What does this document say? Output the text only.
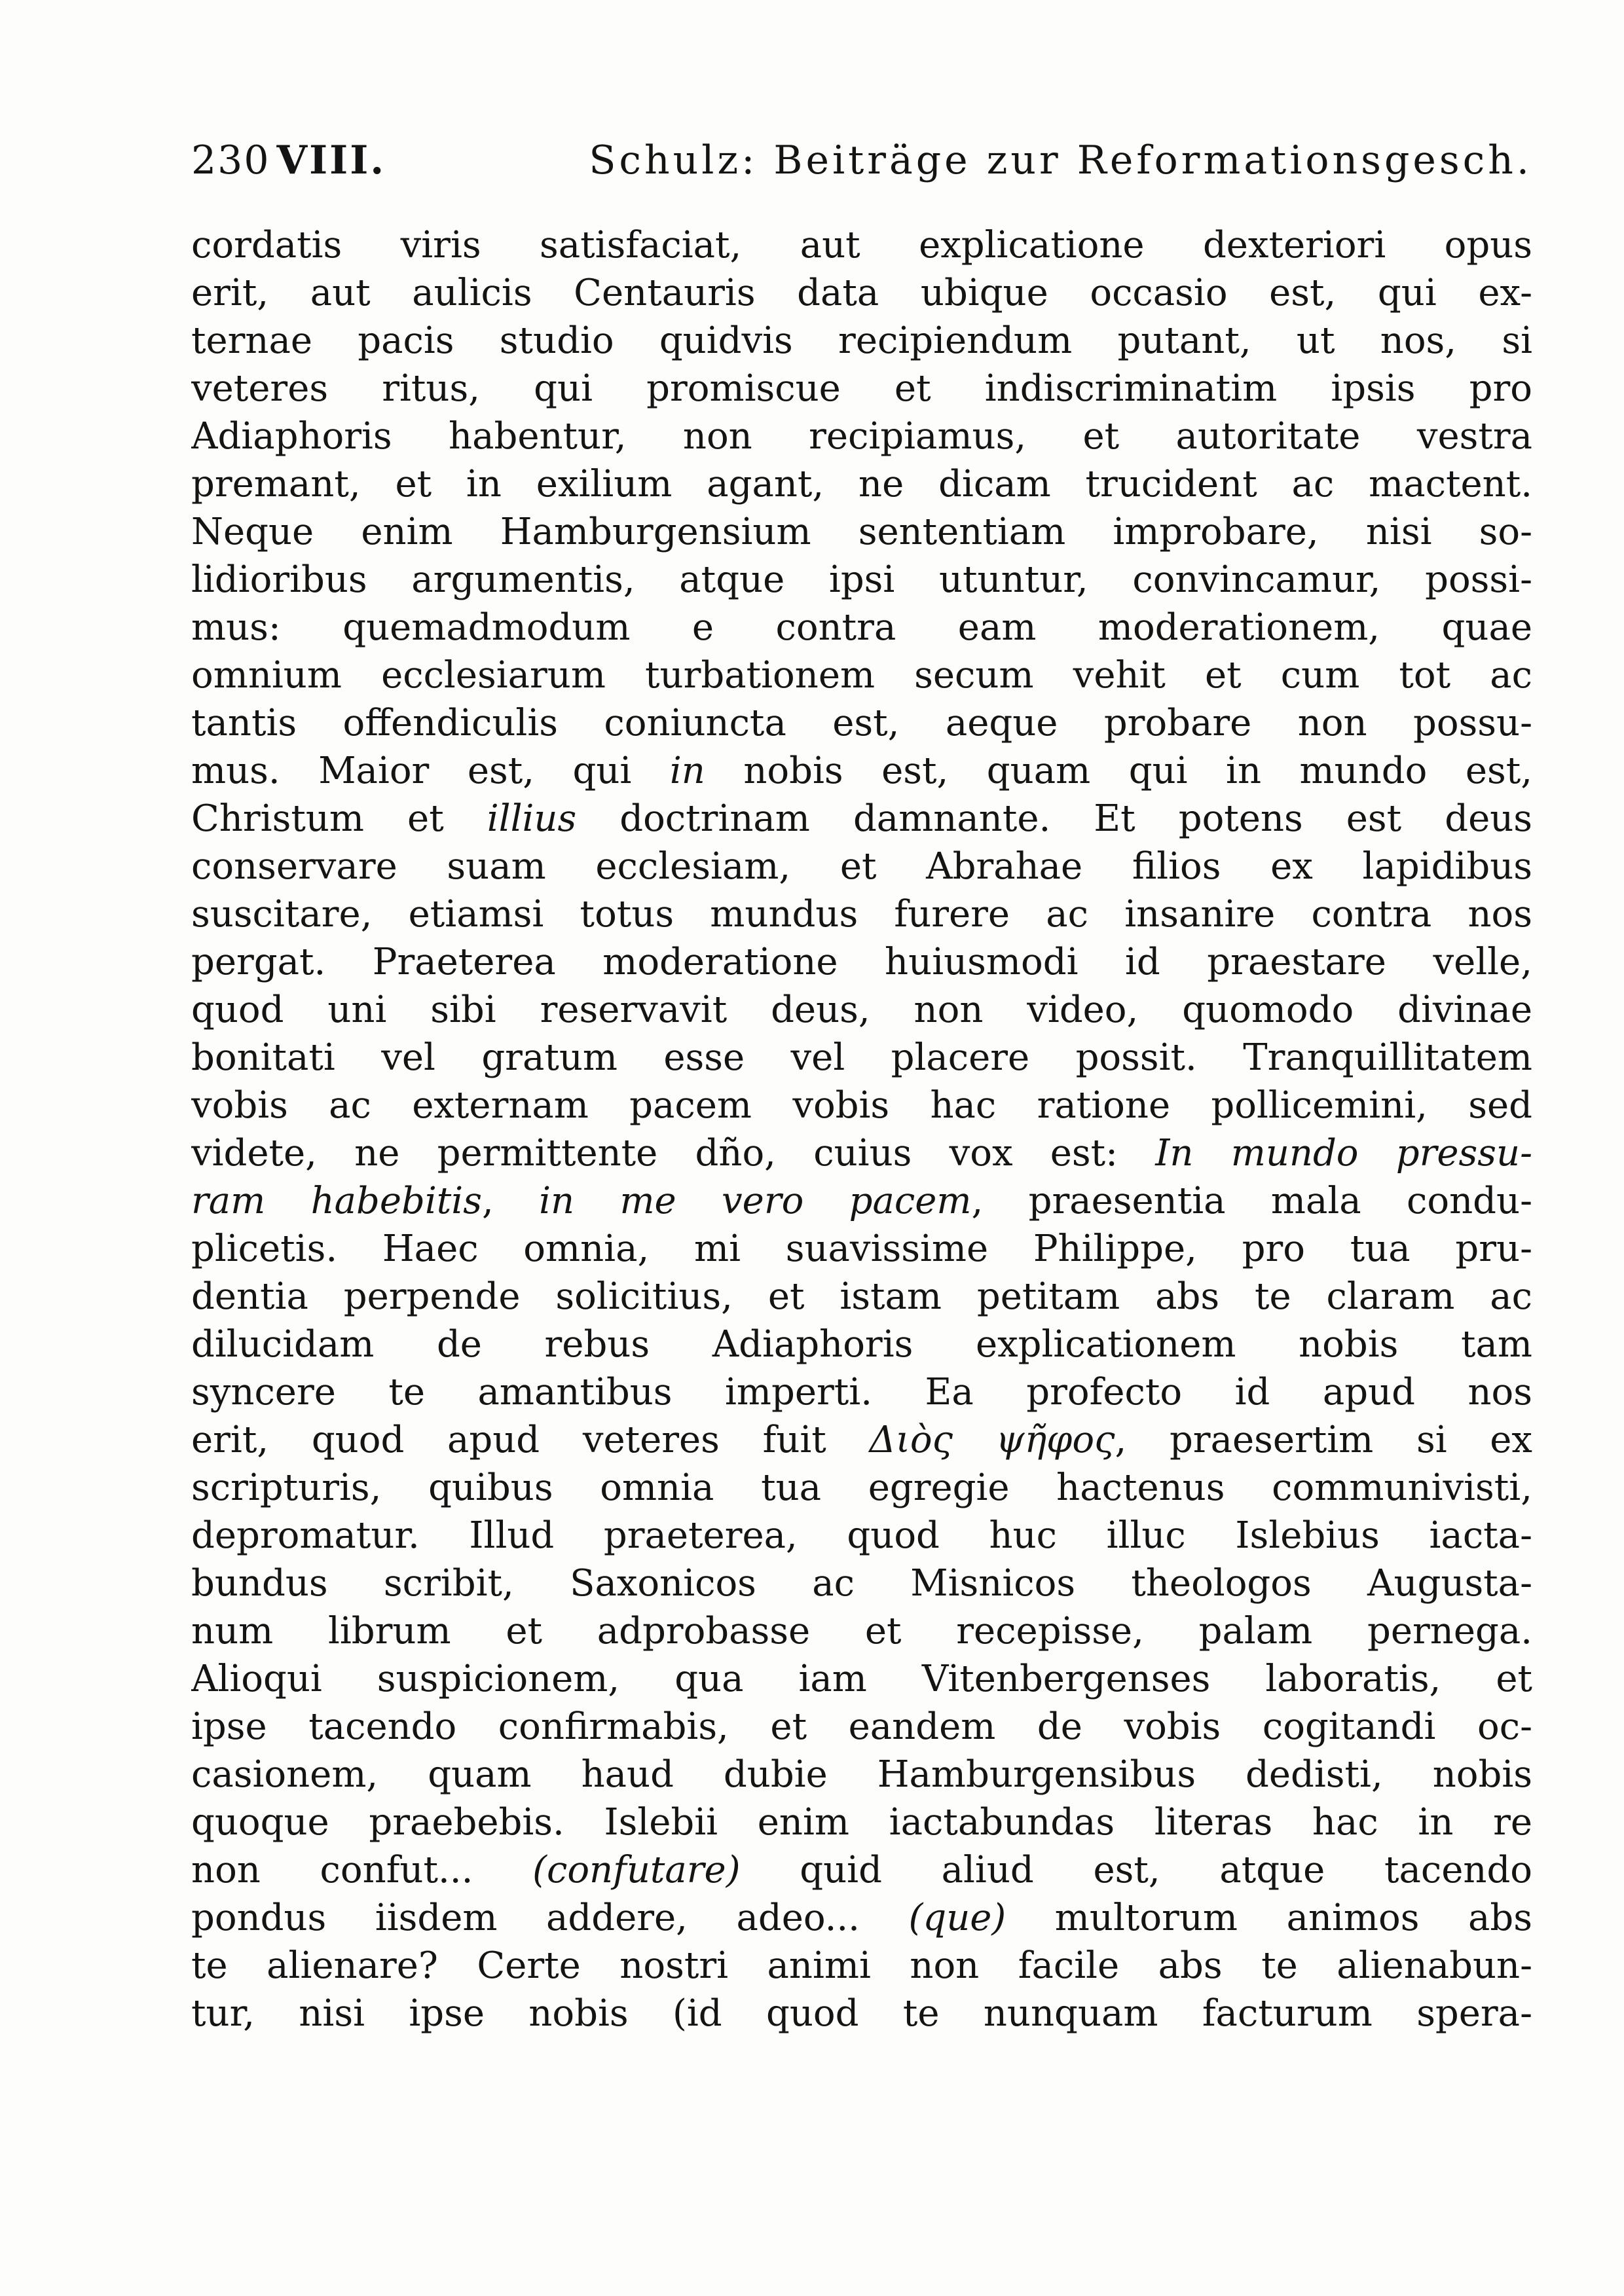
230 VIII.	Schulz: Beiträge zur Reformationsgesch.
cordatis viris satisfaciat, aut explicatione dexteriori opus
erit, aut aulicis Centauris data ubique occasio est, qui ex-
ternae pacis studio quidvis recipiendum putant, ut nos, si
veteres ritus, qui promiscue et indiscriminatim ipsis pro
Adiaphoris habentur, non recipiamus, et autoritate vestra
premant, et in exilium agant, ne dicam trucident ac mactent.
Neque enim Hamburgensium sententiam improbare, nisi so-
lidioribus argumentis, atque ipsi utuntur, convincamur, possi-
mus: quemadmodum e contra eam moderationem, quae
omnium ecclesiarum turbationem secum vehit et cum tot ac
tantis offendiculis coniuncta est, aeque probare non possu-
mus. Maior est, qui in nobis est, quam qui in mundo est,
Christum et illius doctrinam damnante. Et potens est deus
conservare suam ecclesiam, et Abrahae filios ex lapidibus
suscitare, etiamsi totus mundus furere ac insanire contra nos
pergat. Praeterea moderatione huiusmodi id praestare velle,
quod uni sibi reservavit deus, non video, quomodo divinae
bonitati vel gratum esse vel placere possit. Tranquillitatem
vobis ac externam pacem vobis hac ratione pollicemini, sed
videte, ne permittente dño, cuius vox est: In mundo pressu-
ram habebitis, in me vero pacem, praesentia mala condu-
plicetis. Haec omnia, mi suavissime Philippe, pro tua pru-
dentia perpende solicitius, et istam petitam abs te claram ac
dilucidam de rebus Adiaphoris explicationem nobis tam
syncere te amantibus imperti. Ea profecto id apud nos
erit, quod apud veteres fuit Διὸς ψῆφος, praesertim si ex
scripturis, quibus omnia tua egregie hactenus communivisti,
depromatur. Illud praeterea, quod huc illuc Islebius iacta-
bundus scribit, Saxonicos ac Misnicos theologos Augusta-
num librum et adprobasse et recepisse, palam pernega.
Alioqui suspicionem, qua iam Vitenbergenses laboratis, et
ipse tacendo confirmabis, et eandem de vobis cogitandi oc-
casionem, quam haud dubie Hamburgensibus dedisti, nobis
quoque praebebis. Islebii enim iactabundas literas hac in re
non confut... (confutare) quid aliud est, atque tacendo
pondus iisdem addere, adeo... (que) multorum animos abs
te alienare? Certe nostri animi non facile abs te alienabun-
tur, nisi ipse nobis (id quod te nunquam facturum spera-
